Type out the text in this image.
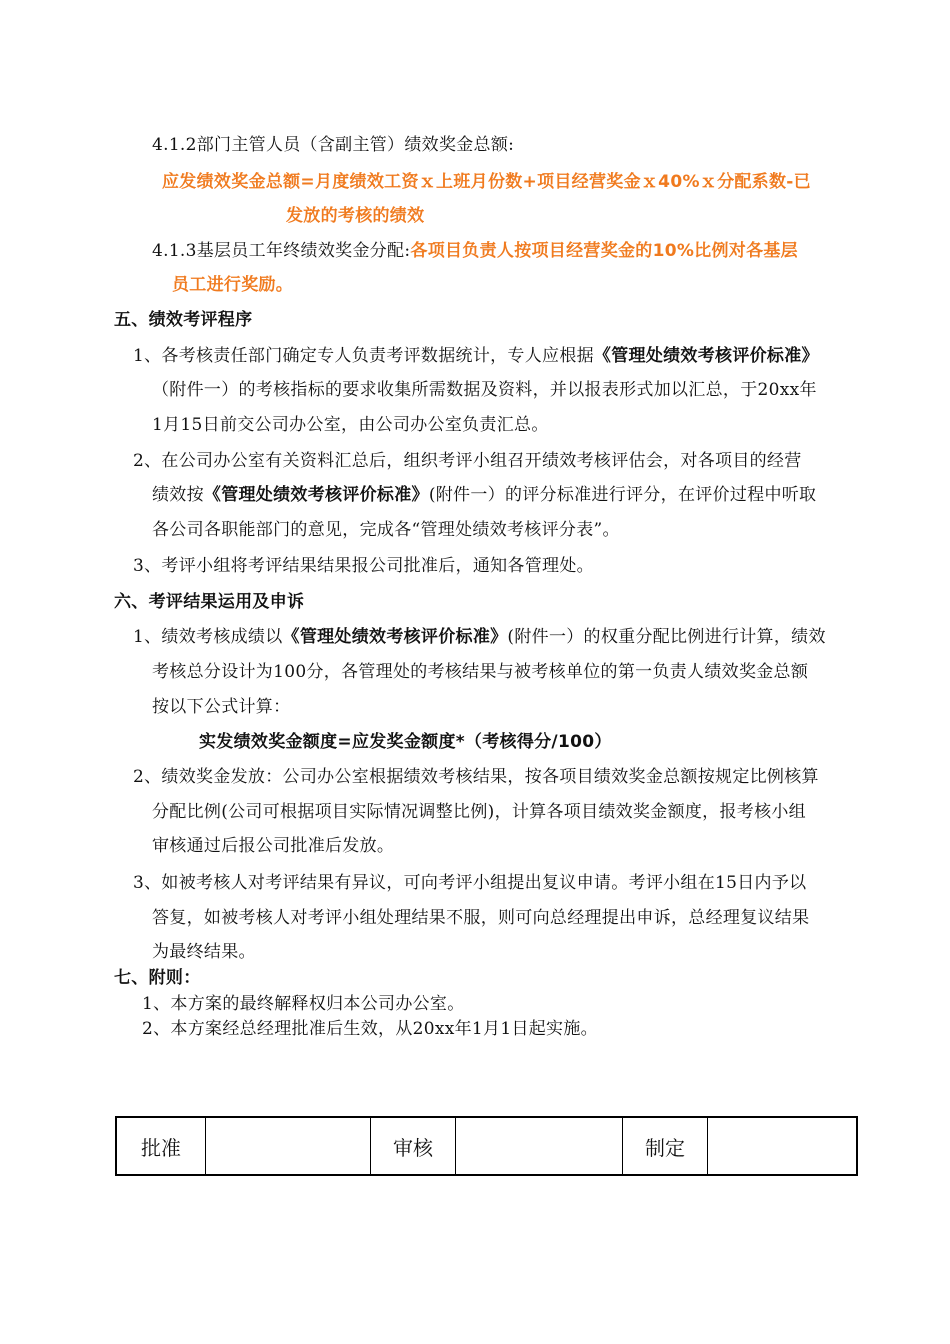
4.1.2部门主管人员（含副主管）绩效奖金总额:
应发绩效奖金总额=月度绩效工资ｘ上班月份数+项目经营奖金ｘ40%ｘ分配系数-已
发放的考核的绩效
4.1.3基层员工年终绩效奖金分配:各项目负责人按项目经营奖金的10%比例对各基层
员工进行奖励。
五、绩效考评程序
1、各考核责任部门确定专人负责考评数据统计，专人应根据《管理处绩效考核评价标准》
（附件一）的考核指标的要求收集所需数据及资料，并以报表形式加以汇总，于20xx年
1月15日前交公司办公室，由公司办公室负责汇总。
2、在公司办公室有关资料汇总后，组织考评小组召开绩效考核评估会，对各项目的经营
绩效按《管理处绩效考核评价标准》(附件一）的评分标准进行评分，在评价过程中听取
各公司各职能部门的意见，完成各“管理处绩效考核评分表”。
3、考评小组将考评结果结果报公司批准后，通知各管理处。
六、考评结果运用及申诉
1、绩效考核成绩以《管理处绩效考核评价标准》(附件一）的权重分配比例进行计算，绩效
考核总分设计为100分，各管理处的考核结果与被考核单位的第一负责人绩效奖金总额
按以下公式计算：
实发绩效奖金额度=应发奖金额度*（考核得分/100）
2、绩效奖金发放：公司办公室根据绩效考核结果，按各项目绩效奖金总额按规定比例核算
分配比例(公司可根据项目实际情况调整比例)，计算各项目绩效奖金额度，报考核小组
审核通过后报公司批准后发放。
3、如被考核人对考评结果有异议，可向考评小组提出复议申请。考评小组在15日内予以
答复，如被考核人对考评小组处理结果不服，则可向总经理提出申诉，总经理复议结果
为最终结果。
七、附则：
1、本方案的最终解释权归本公司办公室。
2、本方案经总经理批准后生效，从20xx年1月1日起实施。
批准		审核		制定	
